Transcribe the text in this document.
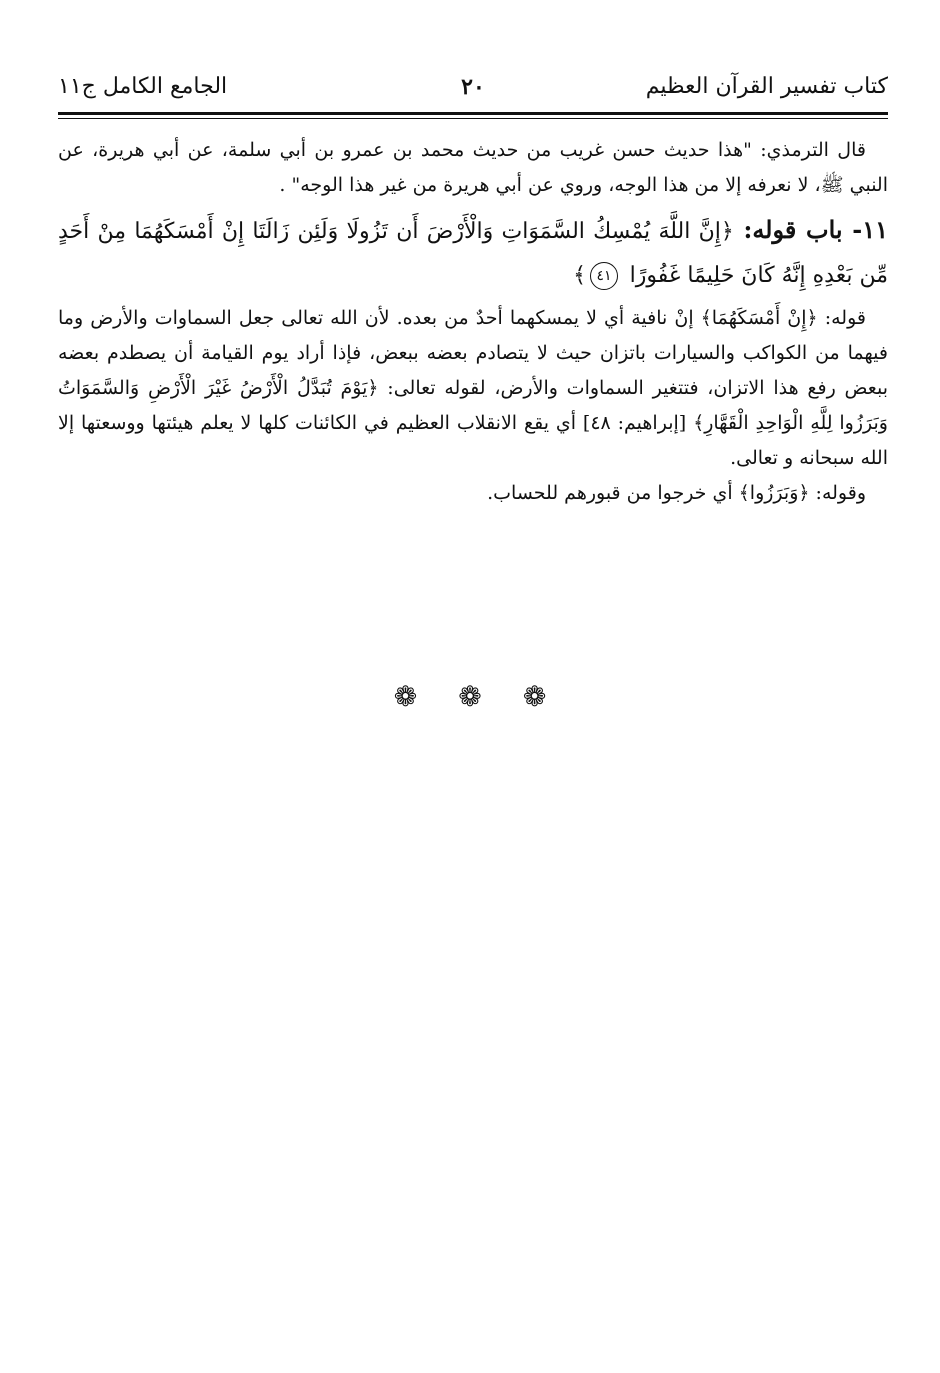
كتاب تفسير القرآن العظيم
٢٠
الجامع الكامل ج١١

قال الترمذي: "هذا حديث حسن غريب من حديث محمد بن عمرو بن أبي سلمة، عن أبي هريرة، عن النبي ﷺ، لا نعرفه إلا من هذا الوجه، وروي عن أبي هريرة من غير هذا الوجه" .

١١- باب قوله: ﴿إِنَّ اللَّهَ يُمْسِكُ السَّمَوَاتِ وَالْأَرْضَ أَن تَزُولَا وَلَئِن زَالَتَا إِنْ أَمْسَكَهُمَا مِنْ أَحَدٍ مِّن بَعْدِهِ إِنَّهُ كَانَ حَلِيمًا غَفُورًا ٤١﴾

قوله: ﴿إِنْ أَمْسَكَهُمَا﴾ إنْ نافية أي لا يمسكهما أحدٌ من بعده. لأن الله تعالى جعل السماوات والأرض وما فيهما من الكواكب والسيارات باتزان حيث لا يتصادم بعضه ببعض، فإذا أراد يوم القيامة أن يصطدم بعضه ببعض رفع هذا الاتزان، فتتغير السماوات والأرض، لقوله تعالى: ﴿يَوْمَ تُبَدَّلُ الْأَرْضُ غَيْرَ الْأَرْضِ وَالسَّمَوَاتُ وَبَرَزُوا لِلَّهِ الْوَاحِدِ الْقَهَّارِ﴾ [إبراهيم: ٤٨] أي يقع الانقلاب العظيم في الكائنات كلها لا يعلم هيئتها ووسعتها إلا الله سبحانه و تعالى.

وقوله: ﴿وَبَرَزُوا﴾ أي خرجوا من قبورهم للحساب.

❁ ❁ ❁
